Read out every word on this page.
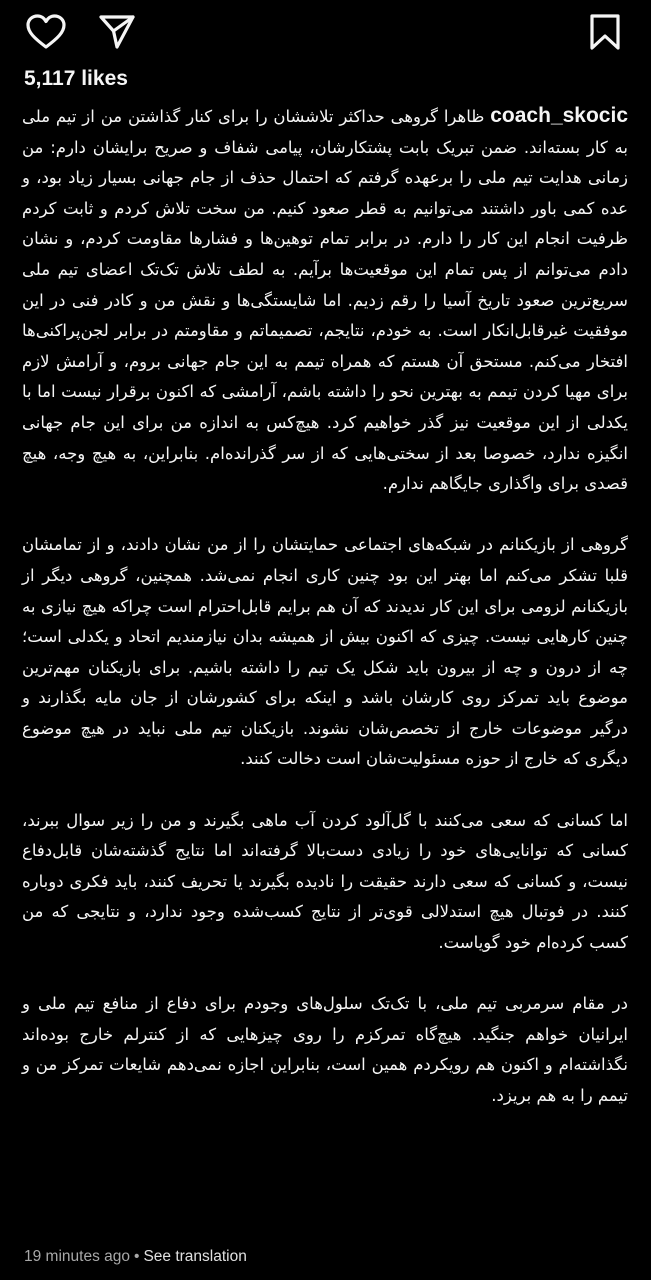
5,117 likes

coach_skocic ظاهرا گروهی حداکثر تلاششان را برای کنار گذاشتن من از تیم ملی به کار بسته‌اند. ضمن تبریک بابت پشتکارشان، پیامی شفاف و صریح برایشان دارم: من زمانی هدایت تیم ملی را برعهده گرفتم که احتمال حذف از جام جهانی بسیار زیاد بود، و عده کمی باور داشتند می‌توانیم به قطر صعود کنیم. من سخت تلاش کردم و ثابت کردم ظرفیت انجام این کار را دارم. در برابر تمام توهین‌ها و فشارها مقاومت کردم، و نشان دادم می‌توانم از پس تمام این موقعیت‌ها برآیم. به لطف تلاش تک‌تک اعضای تیم ملی سریع‌ترین صعود تاریخ آسیا را رقم زدیم. اما شایستگی‌ها و نقش من و کادر فنی در این موفقیت غیرقابل‌انکار است. به خودم، نتایجم، تصمیماتم و مقاومتم در برابر لجن‌پراکنی‌ها افتخار می‌کنم. مستحق آن هستم که همراه تیمم به این جام جهانی بروم، و آرامش لازم برای مهیا کردن تیمم به بهترین نحو را داشته باشم، آرامشی که اکنون برقرار نیست اما با یکدلی از این موقعیت نیز گذر خواهیم کرد. هیچ‌کس به اندازه من برای این جام جهانی انگیزه ندارد، خصوصا بعد از سختی‌هایی که از سر گذرانده‌ام. بنابراین، به هیچ وجه، هیچ قصدی برای واگذاری جایگاهم ندارم.

گروهی از بازیکنانم در شبکه‌های اجتماعی حمایتشان را از من نشان دادند، و از تمامشان قلبا تشکر می‌کنم اما بهتر این بود چنین کاری انجام نمی‌شد. همچنین، گروهی دیگر از بازیکنانم لزومی برای این کار ندیدند که آن هم برایم قابل‌احترام است چراکه هیچ نیازی به چنین کارهایی نیست. چیزی که اکنون بیش از همیشه بدان نیازمندیم اتحاد و یکدلی است؛ چه از درون و چه از بیرون باید شکل یک تیم را داشته باشیم. برای بازیکنان مهم‌ترین موضوع باید تمرکز روی کارشان باشد و اینکه برای کشورشان از جان مایه بگذارند و درگیر موضوعات خارج از تخصص‌شان نشوند. بازیکنان تیم ملی نباید در هیچ موضوع دیگری که خارج از حوزه مسئولیت‌شان است دخالت کنند.

اما کسانی که سعی می‌کنند با گل‌آلود کردن آب ماهی بگیرند و من را زیر سوال ببرند، کسانی که توانایی‌های خود را زیادی دست‌بالا گرفته‌اند اما نتایج گذشته‌شان قابل‌دفاع نیست، و کسانی که سعی دارند حقیقت را نادیده بگیرند یا تحریف کنند، باید فکری دوباره کنند. در فوتبال هیچ استدلالی قوی‌تر از نتایج کسب‌شده وجود ندارد، و نتایجی که من کسب کرده‌ام خود گویاست.

در مقام سرمربی تیم ملی، با تک‌تک سلول‌های وجودم برای دفاع از منافع تیم ملی و ایرانیان خواهم جنگید. هیچ‌گاه تمرکزم را روی چیزهایی که از کنترلم خارج بوده‌اند نگذاشته‌ام و اکنون هم رویکردم همین است، بنابراین اجازه نمی‌دهم شایعات تمرکز من و تیمم را به هم بریزد.

19 minutes ago • See translation
